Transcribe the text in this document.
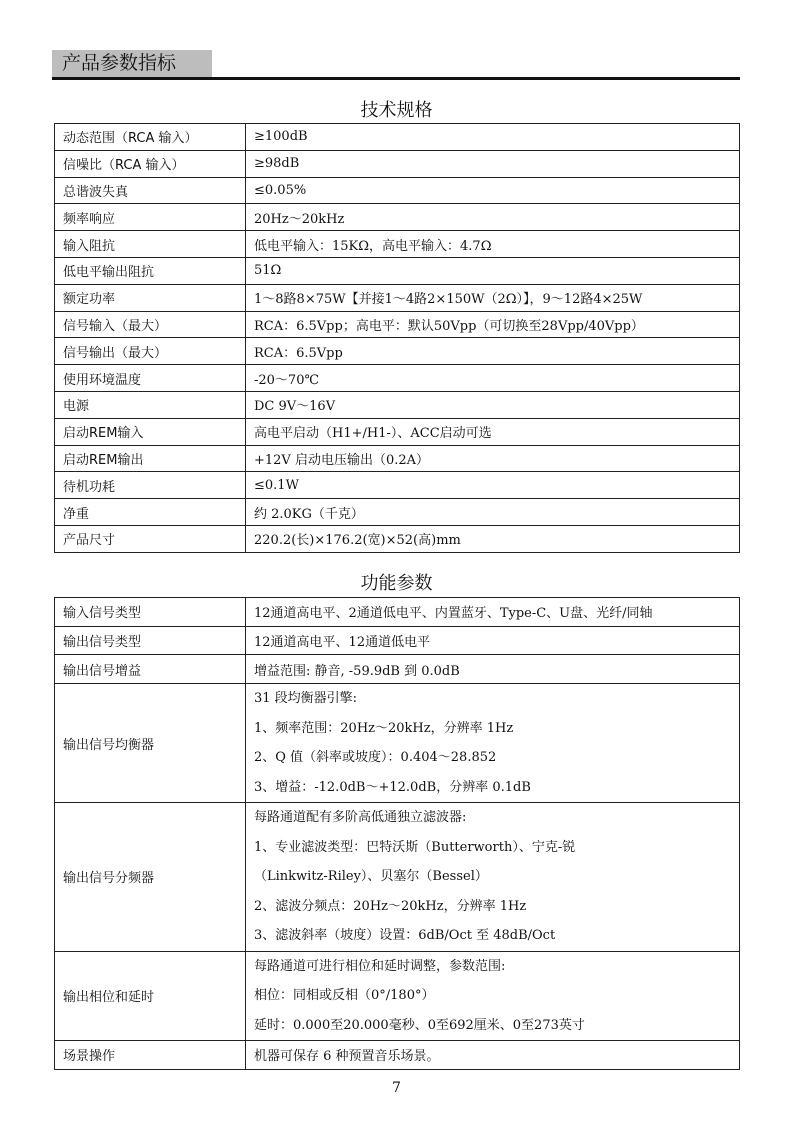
产品参数指标
技术规格
动态范围（RCA 输入）	≥100dB
信噪比（RCA 输入）	≥98dB
总谐波失真	≤0.05%
频率响应	20Hz～20kHz
输入阻抗	低电平输入：15KΩ，高电平输入：4.7Ω
低电平输出阻抗	51Ω
额定功率	1～8路8×75W【并接1～4路2×150W（2Ω）】，9～12路4×25W
信号输入（最大）	RCA：6.5Vpp；高电平：默认50Vpp（可切换至28Vpp/40Vpp）
信号输出（最大）	RCA：6.5Vpp
使用环境温度	-20～70℃
电源	DC 9V～16V
启动REM输入	高电平启动（H1+/H1-）、ACC启动可选
启动REM输出	+12V 启动电压输出（0.2A）
待机功耗	≤0.1W
净重	约 2.0KG（千克）
产品尺寸	220.2(长)×176.2(宽)×52(高)mm
功能参数
输入信号类型	12通道高电平、2通道低电平、内置蓝牙、Type-C、U盘、光纤/同轴
输出信号类型	12通道高电平、12通道低电平
输出信号增益	增益范围: 静音, -59.9dB 到 0.0dB
输出信号均衡器	31 段均衡器引擎:
1、频率范围：20Hz～20kHz，分辨率 1Hz
2、Q 值（斜率或坡度）：0.404～28.852
3、增益：-12.0dB～+12.0dB，分辨率 0.1dB

输出信号分频器	每路通道配有多阶高低通独立滤波器:
1、专业滤波类型：巴特沃斯（Butterworth）、宁克-锐
（Linkwitz-Riley）、贝塞尔（Bessel）
2、滤波分频点：20Hz～20kHz，分辨率 1Hz
3、滤波斜率（坡度）设置：6dB/Oct 至 48dB/Oct

输出相位和延时	每路通道可进行相位和延时调整，参数范围:
相位：同相或反相（0°/180°）
延时：0.000至20.000毫秒、0至692厘米、0至273英寸

场景操作	机器可保存 6 种预置音乐场景。
7
